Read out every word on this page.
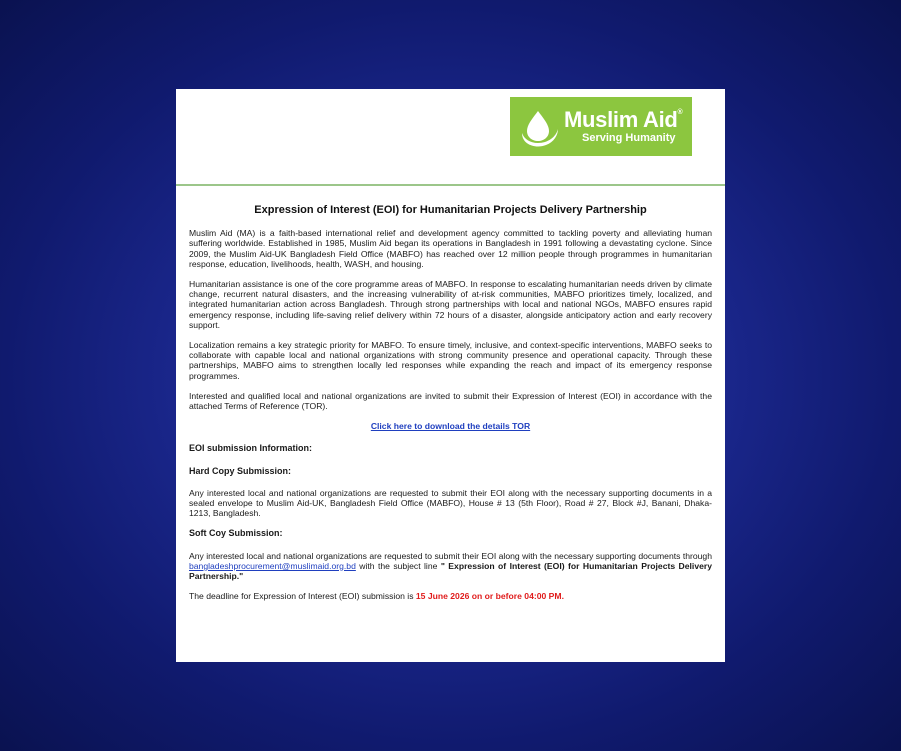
Muslim Aid®
Serving Humanity
Expression of Interest (EOI) for Humanitarian Projects Delivery Partnership

Muslim Aid (MA) is a faith-based international relief and development agency committed to tackling poverty and alleviating human suffering worldwide. Established in 1985, Muslim Aid began its operations in Bangladesh in 1991 following a devastating cyclone. Since 2009, the Muslim Aid-UK Bangladesh Field Office (MABFO) has reached over 12 million people through programmes in humanitarian response, education, livelihoods, health, WASH, and housing.

Humanitarian assistance is one of the core programme areas of MABFO. In response to escalating humanitarian needs driven by climate change, recurrent natural disasters, and the increasing vulnerability of at-risk communities, MABFO prioritizes timely, localized, and integrated humanitarian action across Bangladesh. Through strong partnerships with local and national NGOs, MABFO ensures rapid emergency response, including life-saving relief delivery within 72 hours of a disaster, alongside anticipatory action and early recovery support.

Localization remains a key strategic priority for MABFO. To ensure timely, inclusive, and context-specific interventions, MABFO seeks to collaborate with capable local and national organizations with strong community presence and operational capacity. Through these partnerships, MABFO aims to strengthen locally led responses while expanding the reach and impact of its emergency response programmes.

Interested and qualified local and national organizations are invited to submit their Expression of Interest (EOI) in accordance with the attached Terms of Reference (TOR).

Click here to download the details TOR
EOI submission Information:
Hard Copy Submission:

Any interested local and national organizations are requested to submit their EOI along with the necessary supporting documents in a sealed envelope to Muslim Aid-UK, Bangladesh Field Office (MABFO), House # 13 (5th Floor), Road # 27, Block #J, Banani, Dhaka-1213, Bangladesh.

Soft Coy Submission:

Any interested local and national organizations are requested to submit their EOI along with the necessary supporting documents through bangladeshprocurement@muslimaid.org.bd with the subject line " Expression of Interest (EOI) for Humanitarian Projects Delivery Partnership."

The deadline for Expression of Interest (EOI) submission is 15 June 2026 on or before 04:00 PM.
